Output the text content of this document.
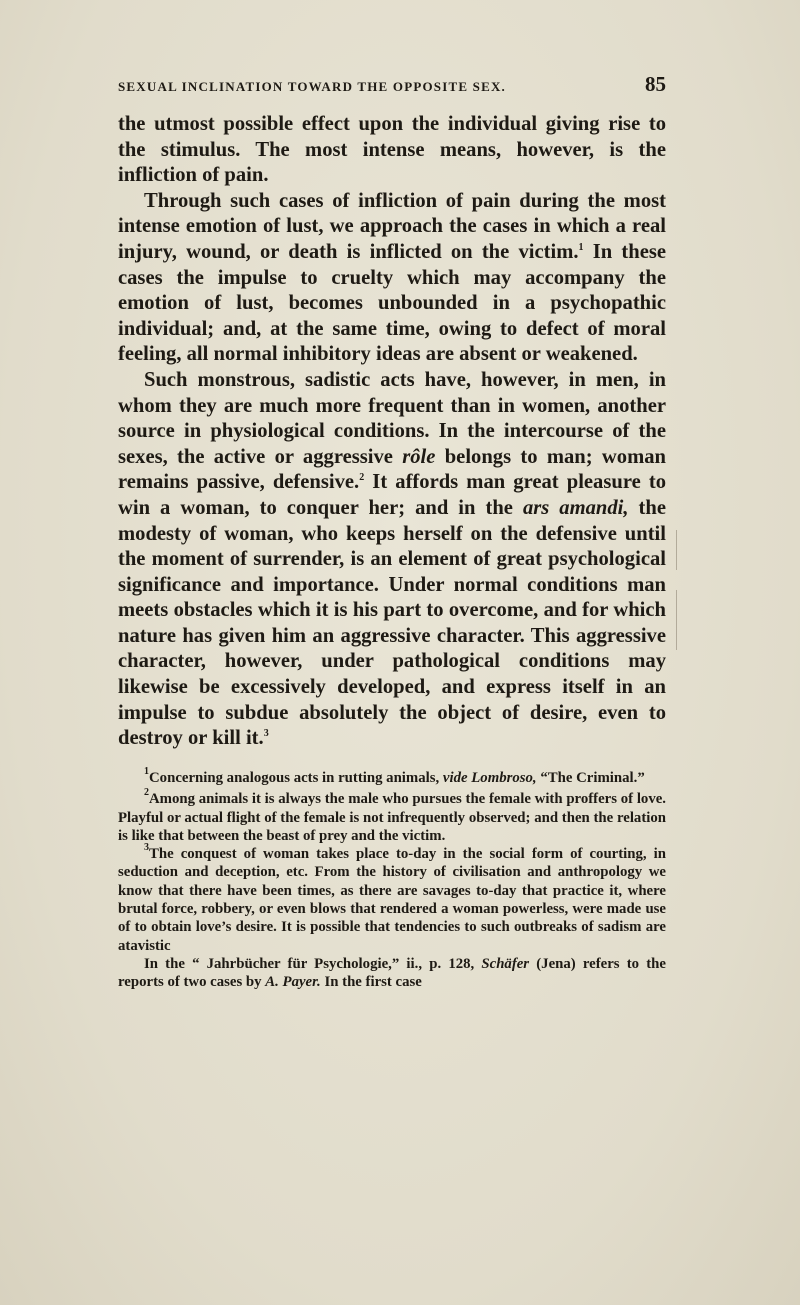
SEXUAL INCLINATION TOWARD THE OPPOSITE SEX.	85

the utmost possible effect upon the individual giving rise to the stimulus. The most intense means, however, is the infliction of pain.

Through such cases of infliction of pain during the most intense emotion of lust, we approach the cases in which a real injury, wound, or death is inflicted on the victim.$^1$ In these cases the impulse to cruelty which may accompany the emotion of lust, becomes unbounded in a psychopathic individual; and, at the same time, owing to defect of moral feeling, all normal inhibitory ideas are absent or weakened.

Such monstrous, sadistic acts have, however, in men, in whom they are much more frequent than in women, another source in physiological conditions. In the intercourse of the sexes, the active or aggressive rôle belongs to man; woman remains passive, defensive.$^2$ It affords man great pleasure to win a woman, to conquer her; and in the ars amandi, the modesty of woman, who keeps herself on the defensive until the moment of surrender, is an element of great psychological significance and importance. Under normal conditions man meets obstacles which it is his part to overcome, and for which nature has given him an aggressive character. This aggressive character, however, under pathological conditions may likewise be excessively developed, and express itself in an impulse to subdue absolutely the object of desire, even to destroy or kill it.$^3$

$^1$Concerning analogous acts in rutting animals, vide Lombroso, “The Criminal.”

$^2$Among animals it is always the male who pursues the female with proffers of love. Playful or actual flight of the female is not infrequently observed; and then the relation is like that between the beast of prey and the victim.

$^3$The conquest of woman takes place to-day in the social form of courting, in seduction and deception, etc. From the history of civilisation and anthropology we know that there have been times, as there are savages to-day that practice it, where brutal force, robbery, or even blows that rendered a woman powerless, were made use of to obtain love’s desire. It is possible that tendencies to such outbreaks of sadism are atavistic

In the “ Jahrbücher für Psychologie,” ii., p. 128, Schäfer (Jena) refers to the reports of two cases by A. Payer. In the first case
